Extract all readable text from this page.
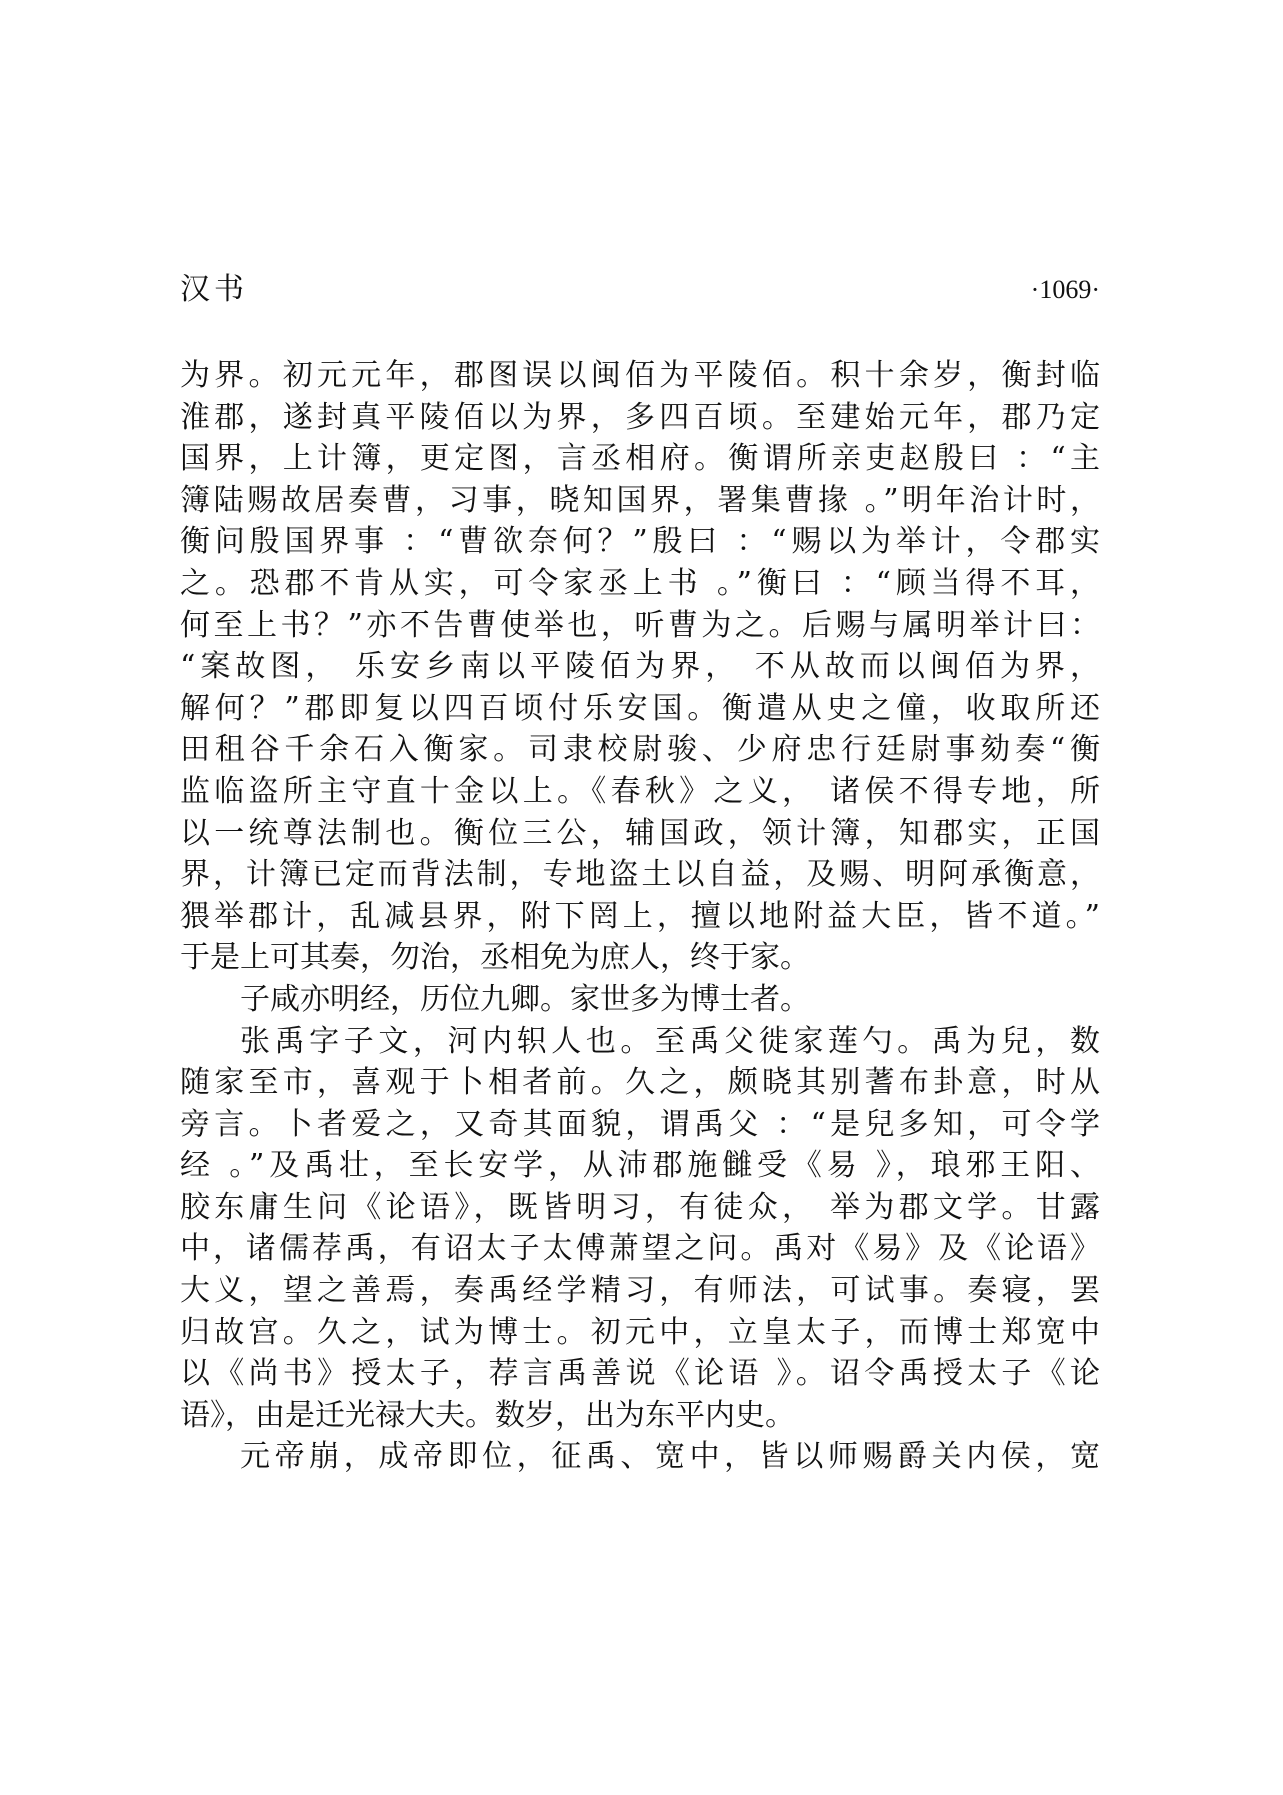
汉书	·1069·
为界。初元元年，郡图误以闽佰为平陵佰。积十余岁，衡封临
淮郡，遂封真平陵佰以为界，多四百顷。至建始元年，郡乃定
国界，上计簿，更定图，言丞相府。衡谓所亲吏赵殷曰 ：“主
簿陆赐故居奏曹，习事，晓知国界，署集曹掾 。”明年治计时，
衡问殷国界事 ：“曹欲奈何？”殷曰 ：“赐以为举计，令郡实
之。恐郡不肯从实，可令家丞上书 。”衡曰 ：“顾当得不耳，
何至上书？”亦不告曹使举也，听曹为之。后赐与属明举计曰：
“案故图， 乐安乡南以平陵佰为界， 不从故而以闽佰为界，
解何？”郡即复以四百顷付乐安国。衡遣从史之僮，收取所还
田租谷千余石入衡家。司隶校尉骏、少府忠行廷尉事劾奏“衡
监临盗所主守直十金以上。《春秋》之义， 诸侯不得专地，所
以一统尊法制也。衡位三公，辅国政，领计簿，知郡实，正国
界，计簿已定而背法制，专地盗土以自益，及赐、明阿承衡意，
猥举郡计，乱减县界，附下罔上，擅以地附益大臣，皆不道。”
于是上可其奏，勿治，丞相免为庶人，终于家。
子咸亦明经，历位九卿。家世多为博士者。
张禹字子文，河内轵人也。至禹父徙家莲勺。禹为兒，数
随家至市，喜观于卜相者前。久之，颇晓其别蓍布卦意，时从
旁言。卜者爱之，又奇其面貌，谓禹父 ：“是兒多知，可令学
经 。”及禹壮，至长安学，从沛郡施雠受《易 》，琅邪王阳、
胶东庸生问《论语》，既皆明习，有徒众， 举为郡文学。甘露
中，诸儒荐禹，有诏太子太傅萧望之问。禹对《易》及《论语》
大义，望之善焉，奏禹经学精习，有师法，可试事。奏寝，罢
归故宫。久之，试为博士。初元中，立皇太子，而博士郑宽中
以《尚书》授太子，荐言禹善说《论语 》。诏令禹授太子《论
语》，由是迁光禄大夫。数岁，出为东平内史。
元帝崩，成帝即位，征禹、宽中，皆以师赐爵关内侯，宽
